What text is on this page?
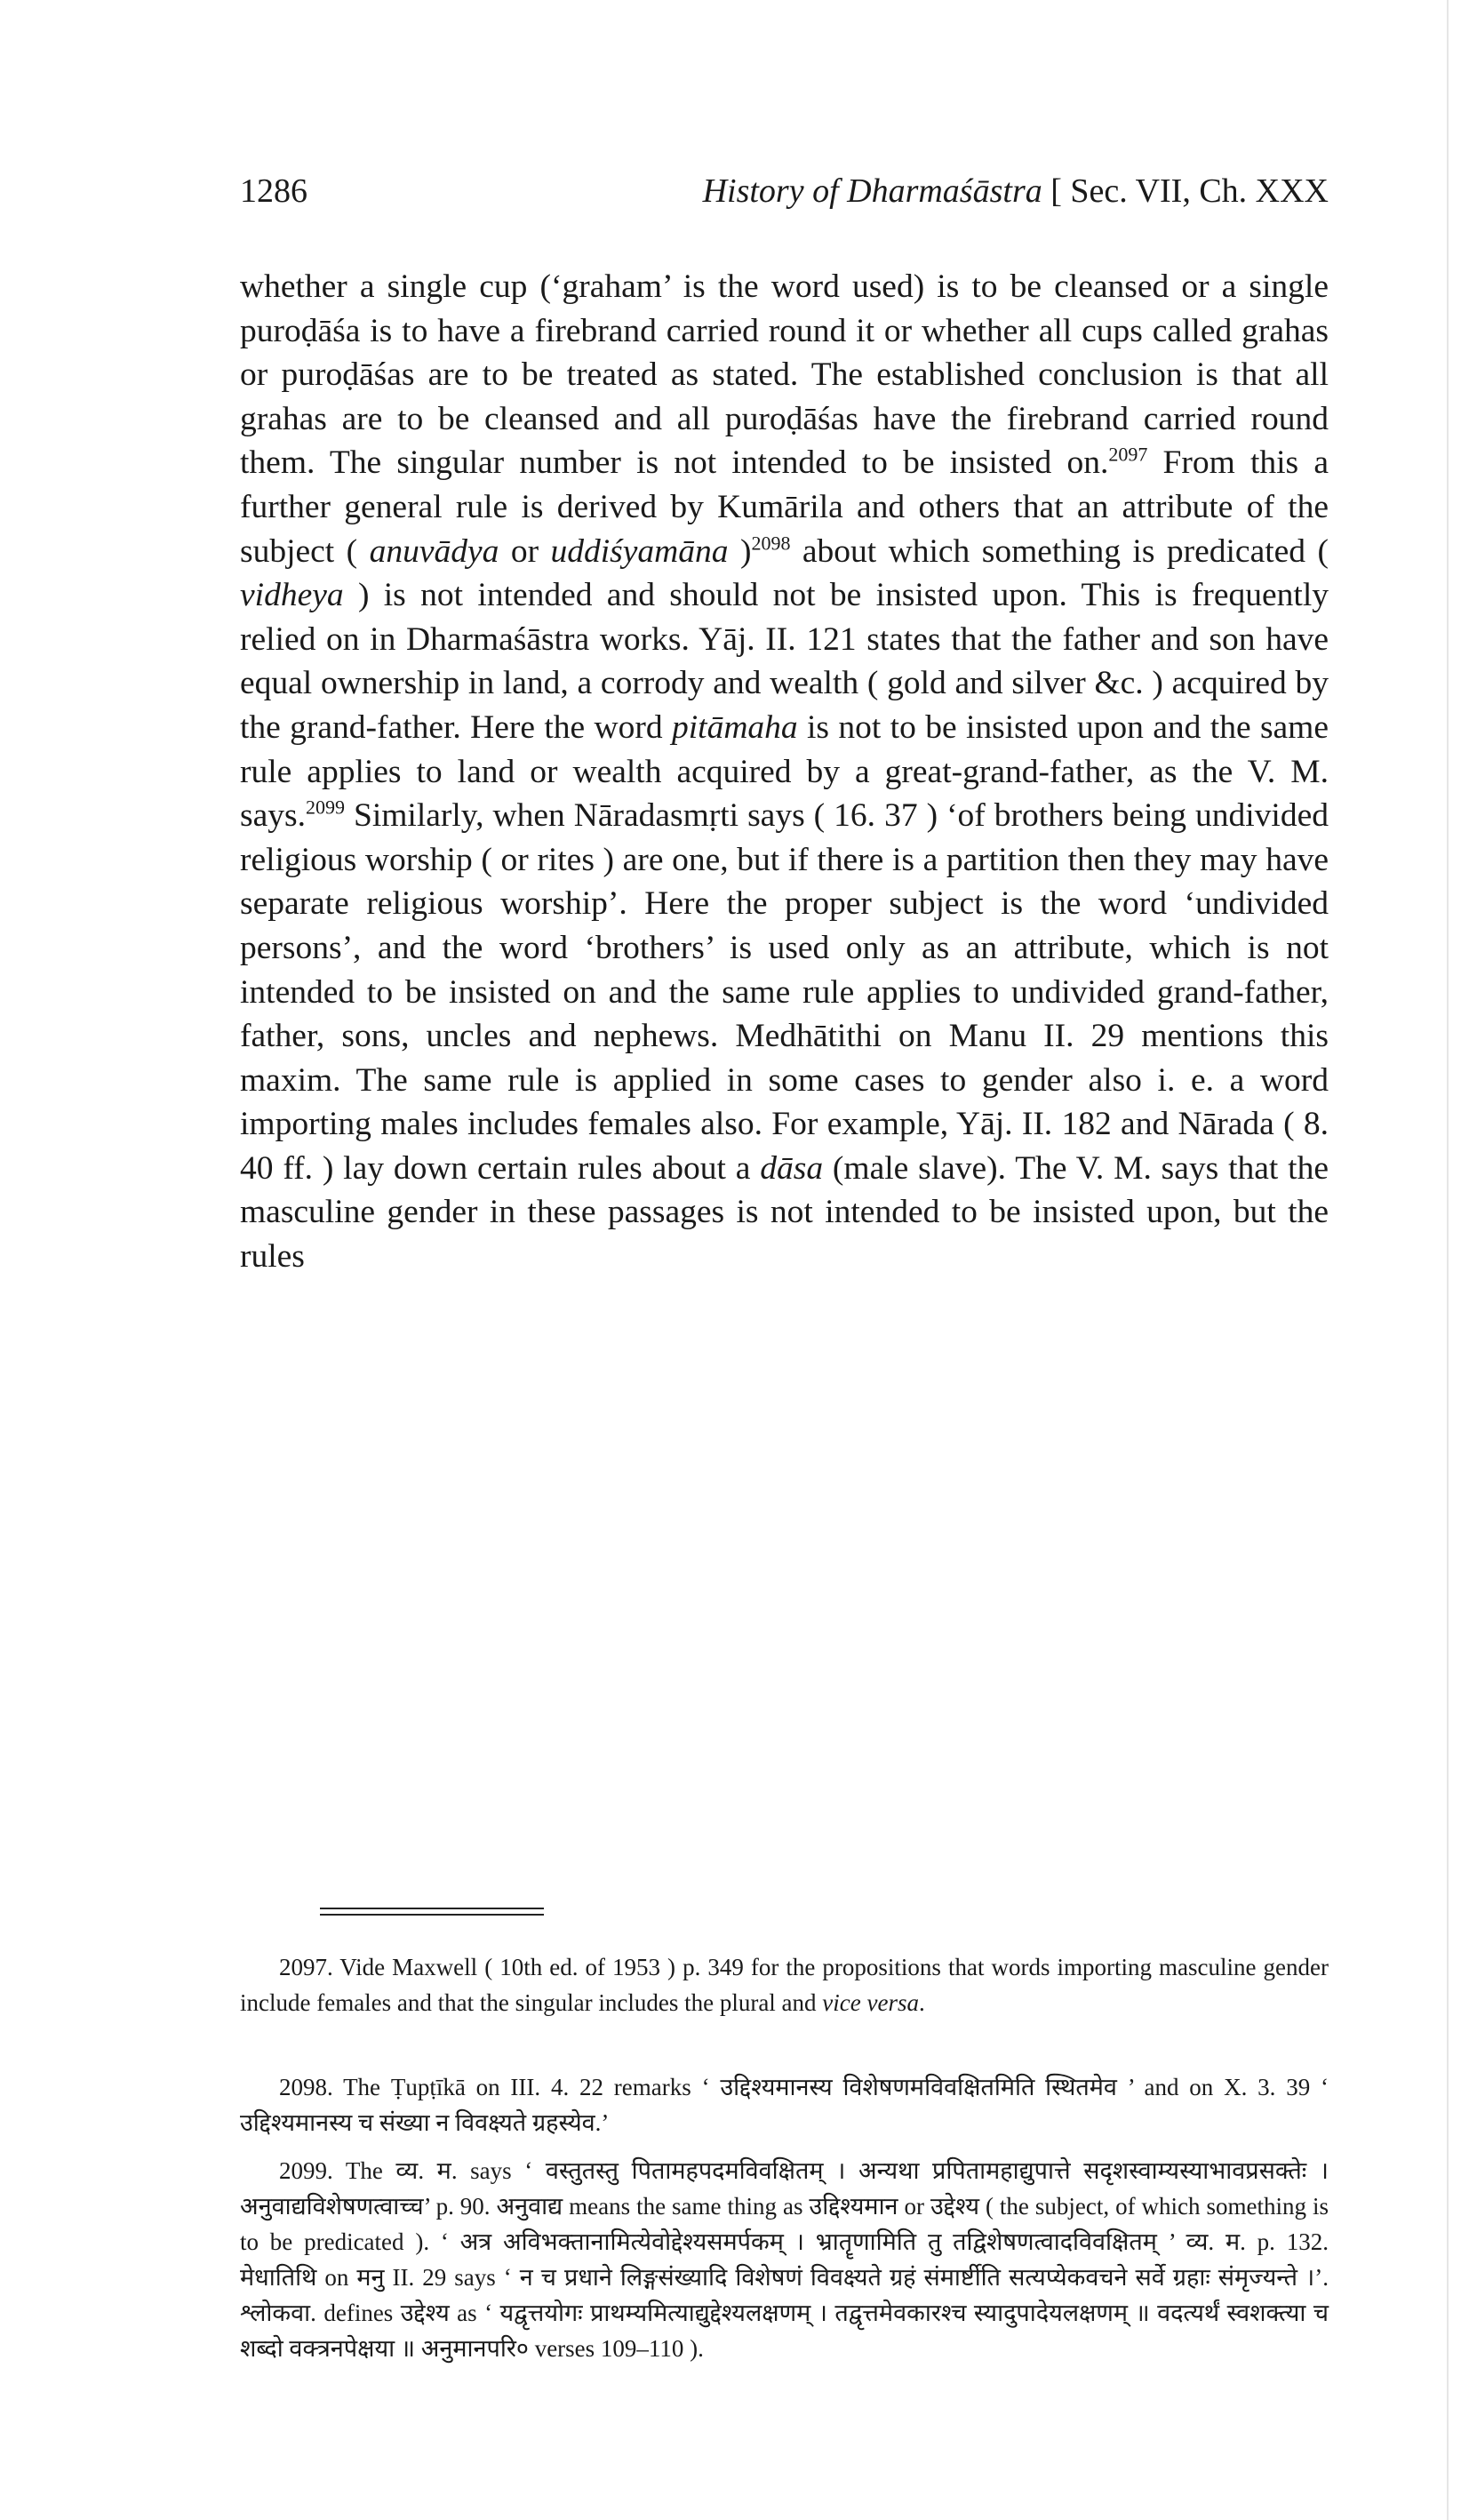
1286	History of Dharmaśāstra [ Sec. VII, Ch. XXX

whether a single cup (‘graham’ is the word used) is to be cleansed or a single puroḍāśa is to have a firebrand carried round it or whether all cups called grahas or puroḍāśas are to be treated as stated. The established conclusion is that all grahas are to be cleansed and all puroḍāśas have the firebrand carried round them. The singular number is not intended to be insisted on.$^{2097}$ From this a further general rule is derived by Kumārila and others that an attribute of the subject ( anuvādya or uddiśyamāna )$^{2098}$ about which something is predicated ( vidheya ) is not intended and should not be insisted upon. This is frequently relied on in Dharmaśāstra works. Yāj. II. 121 states that the father and son have equal ownership in land, a corrody and wealth ( gold and silver &c. ) acquired by the grand-father. Here the word pitāmaha is not to be insisted upon and the same rule applies to land or wealth acquired by a great-grand-father, as the V. M. says.$^{2099}$ Similarly, when Nāradasmṛti says ( 16. 37 ) ‘of brothers being undivided religious worship ( or rites ) are one, but if there is a partition then they may have separate religious worship’. Here the proper subject is the word ‘undivided persons’, and the word ‘brothers’ is used only as an attribute, which is not intended to be insisted on and the same rule applies to undivided grand-father, father, sons, uncles and nephews. Medhātithi on Manu II. 29 mentions this maxim. The same rule is applied in some cases to gender also i. e. a word importing males includes females also. For example, Yāj. II. 182 and Nārada ( 8. 40 ff. ) lay down certain rules about a dāsa (male slave). The V. M. says that the masculine gender in these passages is not intended to be insisted upon, but the rules

2097. Vide Maxwell ( 10th ed. of 1953 ) p. 349 for the propositions that words importing masculine gender include females and that the singular includes the plural and vice versa.

2098. The Ṭupṭīkā on III. 4. 22 remarks ‘ उद्दिश्यमानस्य विशेषणमविवक्षितमिति स्थितमेव ’ and on X. 3. 39 ‘ उद्दिश्यमानस्य च संख्या न विवक्ष्यते ग्रहस्येव.’

2099. The व्य. म. says ‘ वस्तुतस्तु पितामहपदमविवक्षितम् । अन्यथा प्रपितामहाद्युपात्ते सदृशस्वाम्यस्याभावप्रसक्तेः । अनुवाद्यविशेषणत्वाच्च’ p. 90. अनुवाद्य means the same thing as उद्दिश्यमान or उद्देश्य ( the subject, of which something is to be predicated ). ‘ अत्र अविभक्तानामित्येवोद्देश्यसमर्पकम् । भ्रातॄणामिति तु तद्विशेषणत्वादविवक्षितम् ’ व्य. म. p. 132. मेधातिथि on मनु II. 29 says ‘ न च प्रधाने लिङ्गसंख्यादि विशेषणं विवक्ष्यते ग्रहं संमार्ष्टीति सत्यप्येकवचने सर्वे ग्रहाः संमृज्यन्ते ।’. श्लोकवा. defines उद्देश्य as ‘ यद्वृत्तयोगः प्राथम्यमित्याद्युद्देश्यलक्षणम् । तद्वृत्तमेवकारश्च स्यादुपादेयलक्षणम् ॥ वदत्यर्थं स्वशक्त्या च शब्दो वक्त्रनपेक्षया ॥ अनुमानपरि० verses 109–110 ).
